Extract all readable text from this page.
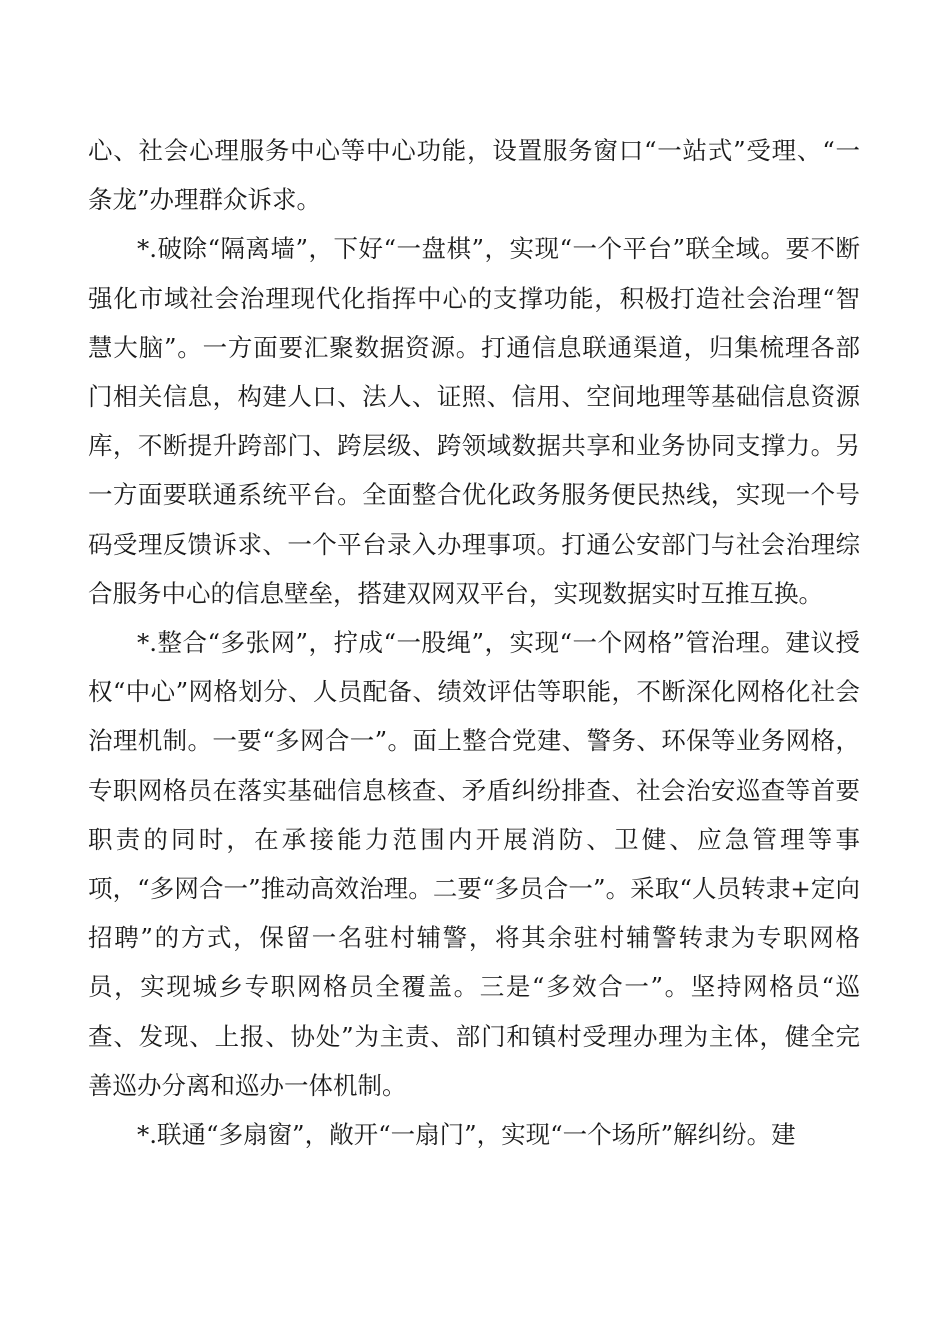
心、社会心理服务中心等中心功能，设置服务窗口“一站式”受理、“一条龙”办理群众诉求。

*.破除“隔离墙”，下好“一盘棋”，实现“一个平台”联全域。要不断强化市域社会治理现代化指挥中心的支撑功能，积极打造社会治理“智慧大脑”。一方面要汇聚数据资源。打通信息联通渠道，归集梳理各部门相关信息，构建人口、法人、证照、信用、空间地理等基础信息资源库，不断提升跨部门、跨层级、跨领域数据共享和业务协同支撑力。另一方面要联通系统平台。全面整合优化政务服务便民热线，实现一个号码受理反馈诉求、一个平台录入办理事项。打通公安部门与社会治理综合服务中心的信息壁垒，搭建双网双平台，实现数据实时互推互换。

*.整合“多张网”，拧成“一股绳”，实现“一个网格”管治理。建议授权“中心”网格划分、人员配备、绩效评估等职能，不断深化网格化社会治理机制。一要“多网合一”。面上整合党建、警务、环保等业务网格，专职网格员在落实基础信息核查、矛盾纠纷排查、社会治安巡查等首要职责的同时，在承接能力范围内开展消防、卫健、应急管理等事项，“多网合一”推动高效治理。二要“多员合一”。采取“人员转隶+定向招聘”的方式，保留一名驻村辅警，将其余驻村辅警转隶为专职网格员，实现城乡专职网格员全覆盖。三是“多效合一”。坚持网格员“巡查、发现、上报、协处”为主责、部门和镇村受理办理为主体，健全完善巡办分离和巡办一体机制。

*.联通“多扇窗”，敞开“一扇门”，实现“一个场所”解纠纷。建
